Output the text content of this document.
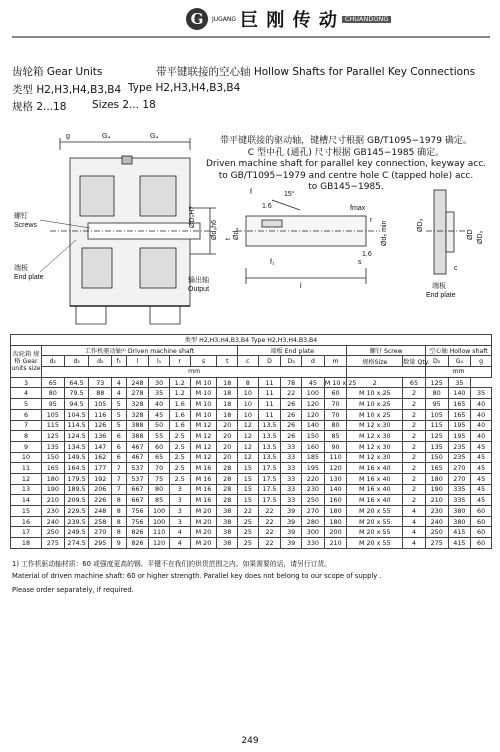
G	JUGANG 巨 刚 传 动	CHUANDONG
齿轮箱 Gear Units	带平键联接的空心轴 Hollow Shafts for Parallel Key Connections
类型 H2,H3,H4,B3,B4 Type H2,H3,H4,B3,B4
规格 2...18 Sizes 2... 18
带平键联接的驱动轴，键槽尺寸根据 GB/T1095−1979 确定。
C 型中孔 (通孔) 尺寸根据 GB145−1985 确定。
Driven machine shaft for parallel key connection, keyway acc.
to GB/T1095−1979 and centre hole C (tapped hole) acc.
to GB145−1985.
g	G₄	G₄
ØD₂H7
Ød₃h6
螺钉
Screws
端板
End plate	输出轴
Output
f
1.6
15°
fmax
r
Ød₄	Ød₅ min
t
f₁
l
s
1.6
ØD₃
ØD ØD₂
c
端板
End plate
类型 H2,H3,H4,B3,B4 Type H2,H3,H4,B3,B4																			
齿轮箱 规格 Gear units size	工作机驱动轴¹⁾ Driven machine shaft									端板 End plate					螺钉 Screw		空心轴 Hollow shaft		
	d₂	d₃	d₅	f₁	l	l₁	r	s	t	c	D	D₃	d	m	规格Size	数量 Qty.	D₂	G₄	g
	mm																mm		
3	65	64.5	73	4	248	30	1.2	M 10	18	8	11	78	45	M 10 x 25	2	65	125	35	
4	80	79.5	88	4	278	35	1.2	M 10	18	10	11	22	100	60	M 10 x 25	2	80	140	35
5	95	94.5	105	5	328	40	1.6	M 10	18	10	11	26	120	70	M 10 x 25	2	95	165	40
6	105	104.5	116	5	328	45	1.6	M 10	18	10	11	26	120	70	M 10 x 25	2	105	165	40
7	115	114.5	126	5	388	50	1.6	M 12	20	12	13.5	26	140	80	M 12 x 30	2	115	195	40
8	125	124.5	136	6	388	55	2.5	M 12	20	12	13.5	26	150	85	M 12 x 30	2	125	195	40
9	135	134.5	147	6	467	60	2.5	M 12	20	12	13.5	33	160	90	M 12 x 30	2	135	235	45
10	150	149.5	162	6	467	65	2.5	M 12	20	12	13.5	33	185	110	M 12 x 30	2	150	235	45
11	165	164.5	177	7	537	70	2.5	M 16	28	15	17.5	33	195	120	M 16 x 40	2	165	270	45
12	180	179.5	192	7	537	75	2.5	M 16	28	15	17.5	33	220	130	M 16 x 40	2	180	270	45
13	190	189.5	206	7	667	80	3	M 16	28	15	17.5	33	230	140	M 16 x 40	2	190	335	45
14	210	209.5	226	8	667	85	3	M 16	28	15	17.5	33	250	160	M 16 x 40	2	210	335	45
15	230	229.5	248	8	756	100	3	M 20	38	22	22	39	270	180	M 20 x 55	4	230	380	60
16	240	239.5	258	8	756	100	3	M 20	38	25	22	39	280	180	M 20 x 55	4	240	380	60
17	250	249.5	270	8	826	110	4	M 20	38	25	22	39	300	200	M 20 x 55	4	250	415	60
18	275	274.5	295	9	826	120	4	M 20	38	25	22	39	330	210	M 20 x 55	4	275	415	60
1) 工作机驱动轴材质：60 或强度更高的钢。平键不在我们的供货范围之内。如果需要的话，请另行订货。
Material of driven machine shaft: 60 or higher strength. Parallel key does not belong to our scope of supply .
Please order separately, if required.
249
